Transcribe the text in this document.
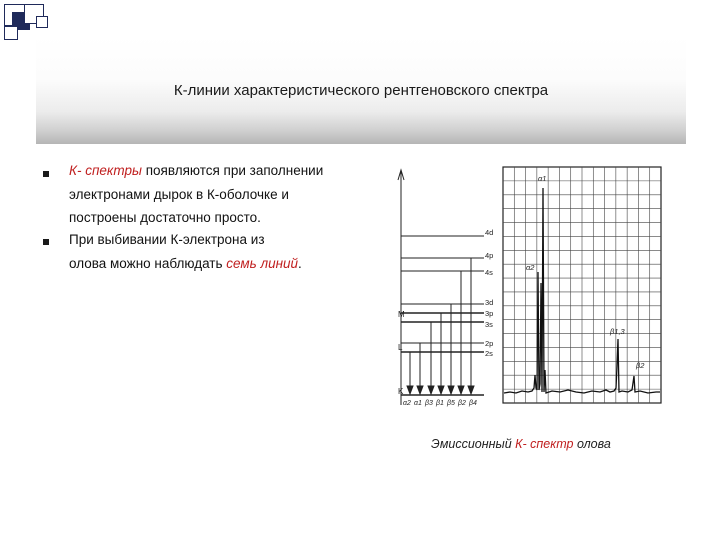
К-линии характеристического рентгеновского спектра
К- спектры появляются при заполнении
электронами дырок в К-оболочке и
построены достаточно просто.
При выбивании К-электрона из
олова можно наблюдать семь линий.
M
L
K
4d
4p
4s
3d
3p
3s
2p
2s
α2 α1 β3 β1 β5 β2 β4
α1
α2
β1,3
β2
Эмиссионный К- спектр олова
